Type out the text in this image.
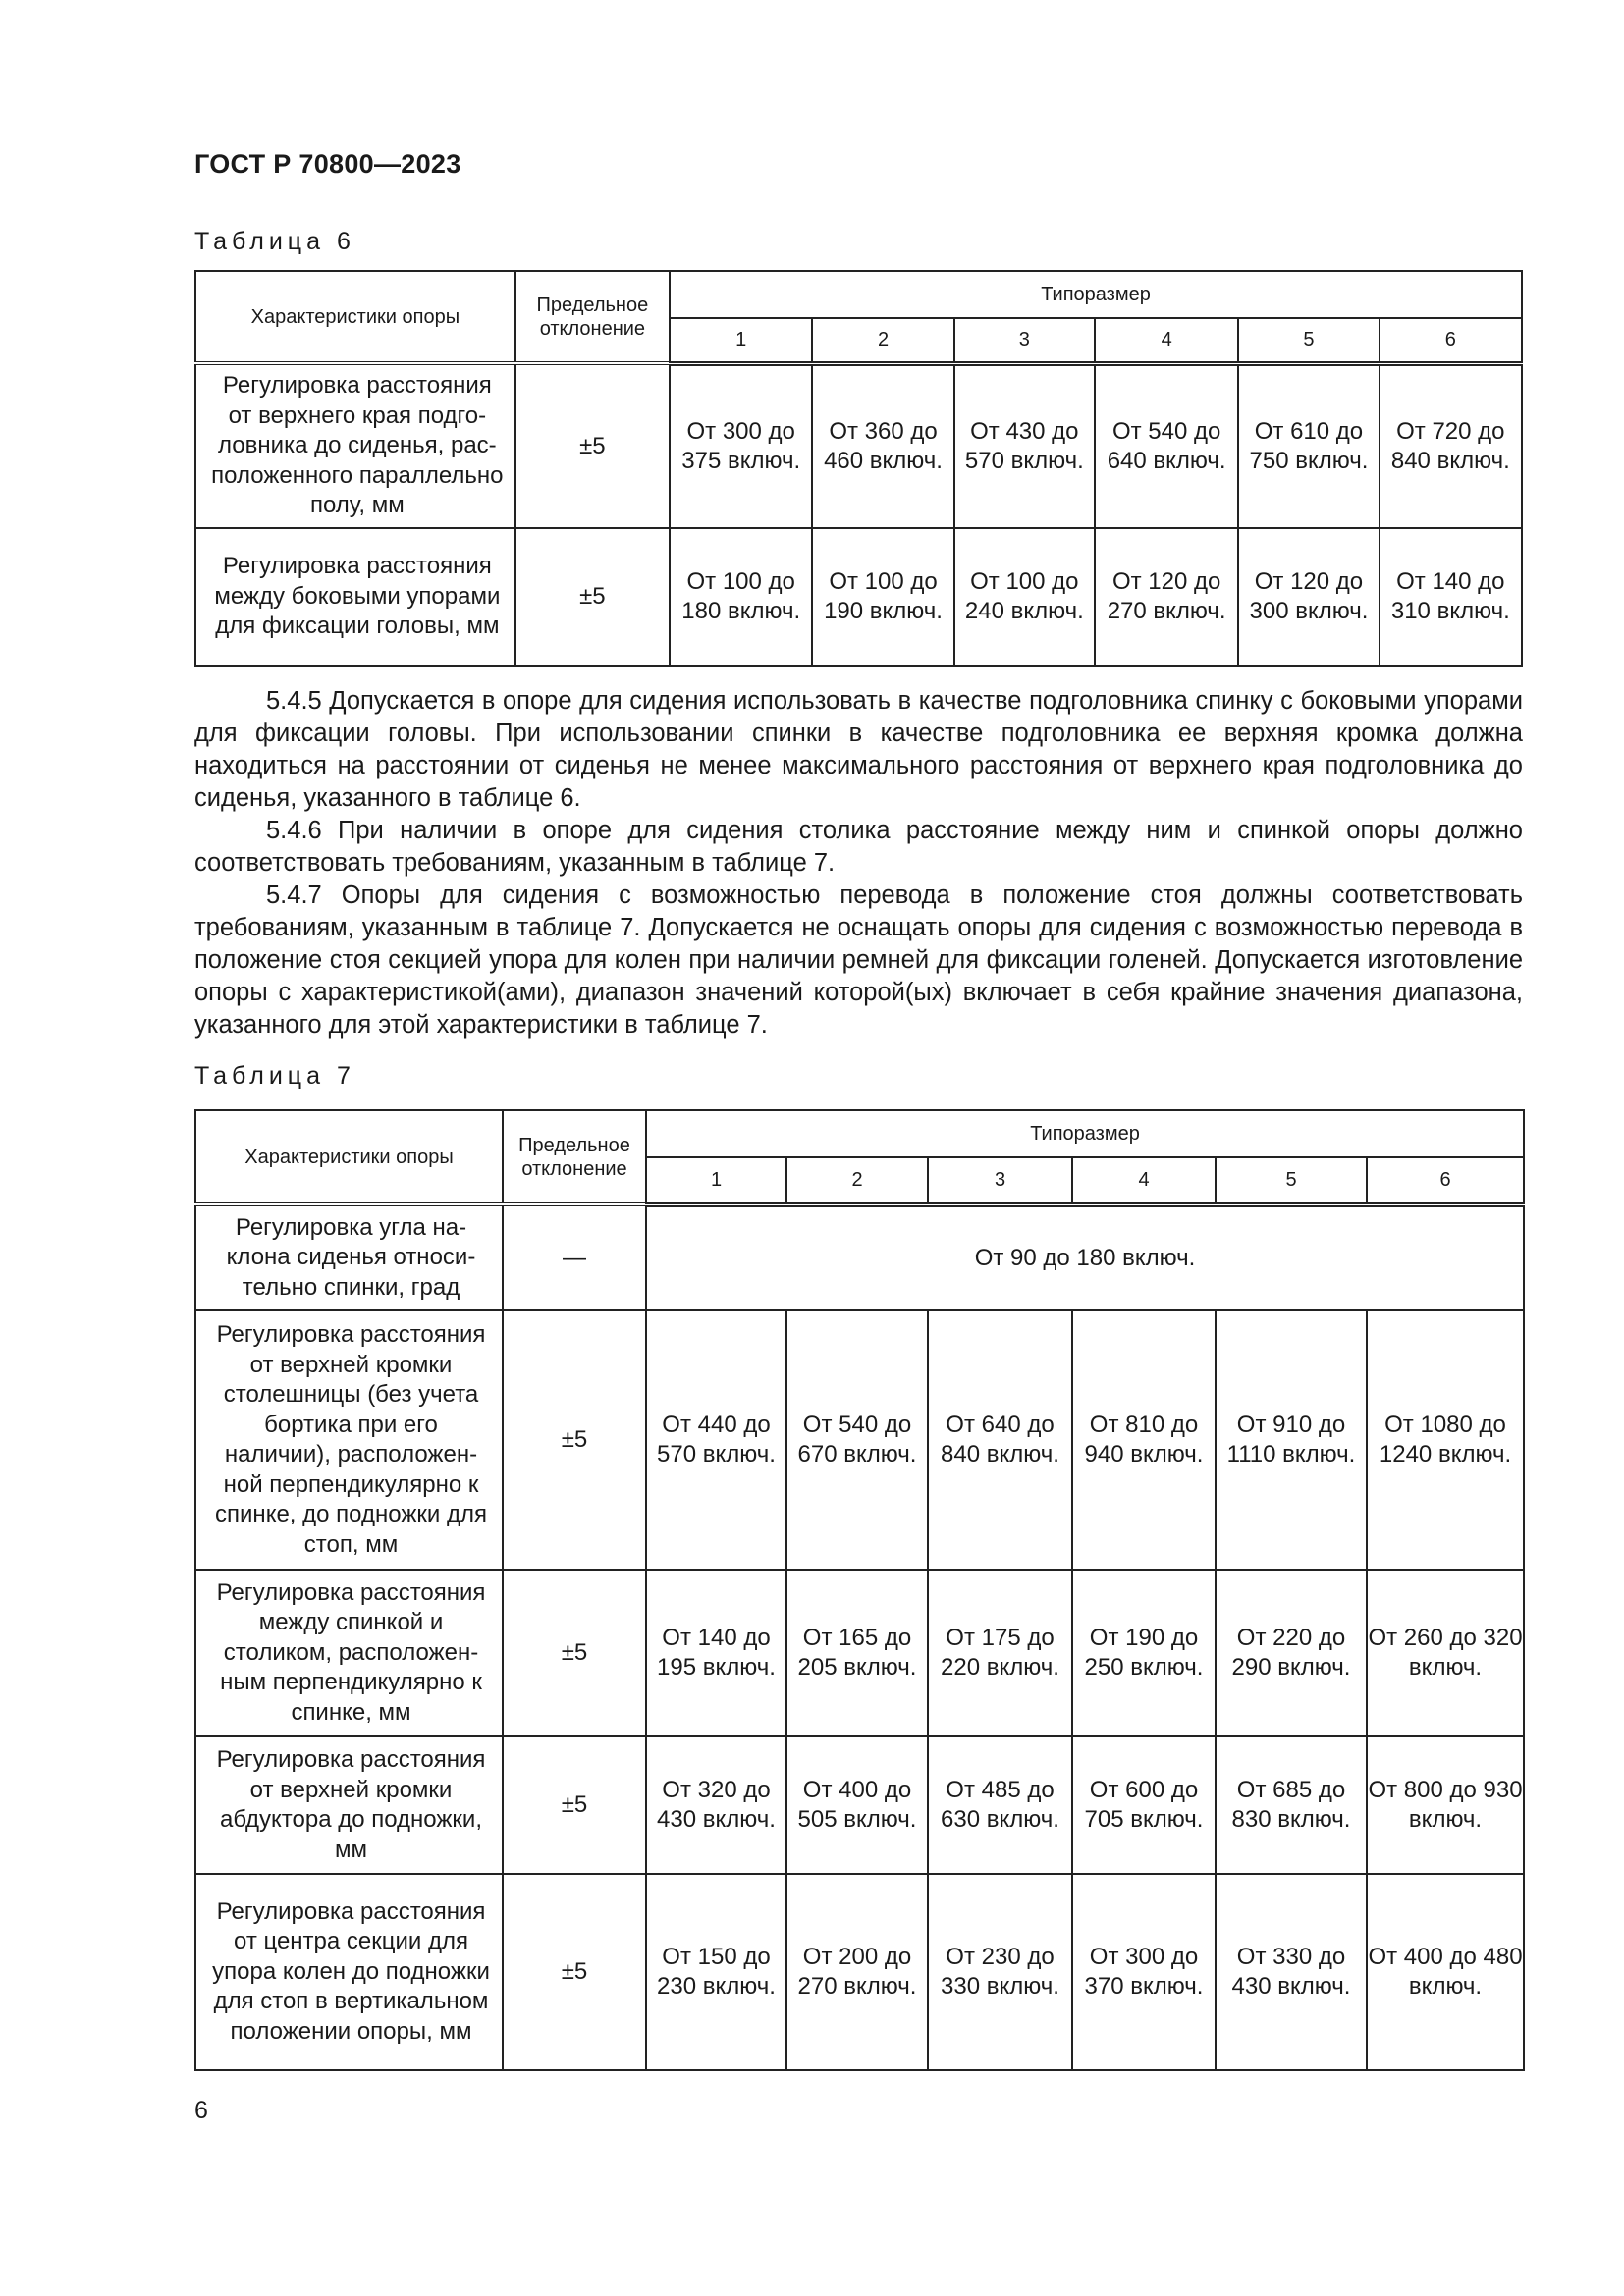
ГОСТ Р 70800—2023
Таблица 6
Характеристики опоры	Предельное отклонение	Типоразмер					
		1	2	3	4	5	6
Регулировка расстояния от верхнего края подголовника до сиденья, расположенного параллельно полу, мм	±5	От 300 до 375 включ.	От 360 до 460 включ.	От 430 до 570 включ.	От 540 до 640 включ.	От 610 до 750 включ.	От 720 до 840 включ.
Регулировка расстояния между боковыми упорами для фиксации головы, мм	±5	От 100 до 180 включ.	От 100 до 190 включ.	От 100 до 240 включ.	От 120 до 270 включ.	От 120 до 300 включ.	От 140 до 310 включ.

5.4.5 Допускается в опоре для сидения использовать в качестве подголовника спинку с боковыми упорами для фиксации головы. При использовании спинки в качестве подголовника ее верхняя кромка должна находиться на расстоянии от сиденья не менее максимального расстояния от верхнего края подголовника до сиденья, указанного в таблице 6.

5.4.6 При наличии в опоре для сидения столика расстояние между ним и спинкой опоры должно соответствовать требованиям, указанным в таблице 7.

5.4.7 Опоры для сидения с возможностью перевода в положение стоя должны соответствовать требованиям, указанным в таблице 7. Допускается не оснащать опоры для сидения с возможностью перевода в положение стоя секцией упора для колен при наличии ремней для фиксации голеней. Допускается изготовление опоры с характеристикой(ами), диапазон значений которой(ых) включает в себя крайние значения диапазона, указанного для этой характеристики в таблице 7.

Таблица 7
Характеристики опоры	Предельное отклонение	Типоразмер					
		1	2	3	4	5	6
Регулировка угла наклона сиденья относительно спинки, град	—	От 90 до 180 включ.					
Регулировка расстояния от верхней кромки столешницы (без учета бортика при его наличии), расположенной перпендикулярно к спинке, до подножки для стоп, мм	±5	От 440 до 570 включ.	От 540 до 670 включ.	От 640 до 840 включ.	От 810 до 940 включ.	От 910 до 1110 включ.	От 1080 до 1240 включ.
Регулировка расстояния между спинкой и столиком, расположенным перпендикулярно к спинке, мм	±5	От 140 до 195 включ.	От 165 до 205 включ.	От 175 до 220 включ.	От 190 до 250 включ.	От 220 до 290 включ.	От 260 до 320 включ.
Регулировка расстояния от верхней кромки абдуктора до подножки, мм	±5	От 320 до 430 включ.	От 400 до 505 включ.	От 485 до 630 включ.	От 600 до 705 включ.	От 685 до 830 включ.	От 800 до 930 включ.
Регулировка расстояния от центра секции для упора колен до подножки для стоп в вертикальном положении опоры, мм	±5	От 150 до 230 включ.	От 200 до 270 включ.	От 230 до 330 включ.	От 300 до 370 включ.	От 330 до 430 включ.	От 400 до 480 включ.
6
